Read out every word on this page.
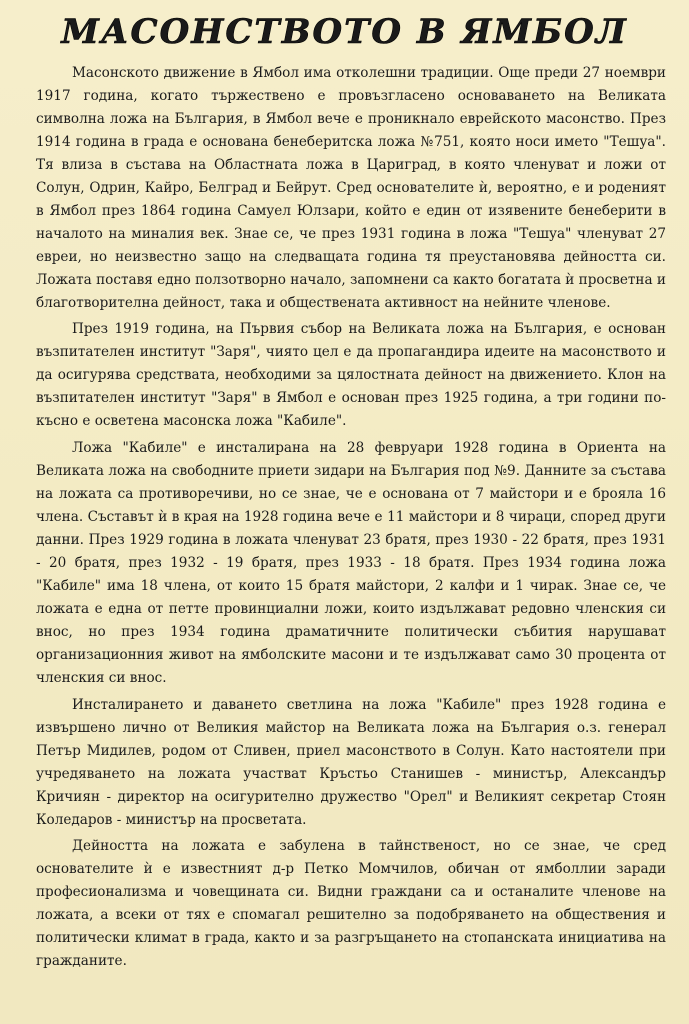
МАСОНСТВОТО В ЯМБОЛ

Масонското движение в Ямбол има отколешни традиции. Още преди 27 ноември 1917 година, когато тържествено е провъзгласено основаването на Великата символна ложа на България, в Ямбол вече е проникнало еврейското масонство. През 1914 година в града е основана бенеберитска ложа №751, която носи името "Тешуа". Тя влиза в състава на Областната ложа в Цариград, в която членуват и ложи от Солун, Одрин, Кайро, Белград и Бейрут. Сред основателите ѝ, вероятно, е и роденият в Ямбол през 1864 година Самуел Юлзари, който е един от изявените бенеберити в началото на миналия век. Знае се, че през 1931 година в ложа "Тешуа" членуват 27 евреи, но неизвестно защо на следващата година тя преустановява дейността си. Ложата поставя едно ползотворно начало, запомнени са както богатата ѝ просветна и благотворителна дейност, така и обществената активност на нейните членове.

През 1919 година, на Първия събор на Великата ложа на България, е основан възпитателен институт "Заря", чиято цел е да пропагандира идеите на масонството и да осигурява средствата, необходими за цялостната дейност на движението. Клон на възпитателен институт "Заря" в Ямбол е основан през 1925 година, а три години по-късно е осветена масонска ложа "Кабиле".

Ложа "Кабиле" е инсталирана на 28 февруари 1928 година в Ориента на Великата ложа на свободните приети зидари на България под №9. Данните за състава на ложата са противоречиви, но се знае, че е основана от 7 майстори и е брояла 16 члена. Съставът ѝ в края на 1928 година вече е 11 майстори и 8 чираци, според други данни. През 1929 година в ложата членуват 23 братя, през 1930 - 22 братя, през 1931 - 20 братя, през 1932 - 19 братя, през 1933 - 18 братя. През 1934 година ложа "Кабиле" има 18 члена, от които 15 братя майстори, 2 калфи и 1 чирак. Знае се, че ложата е една от петте провинциални ложи, които издължават редовно членския си внос, но през 1934 година драматичните политически събития нарушават организационния живот на ямболските масони и те издължават само 30 процента от членския си внос.

Инсталирането и даването светлина на ложа "Кабиле" през 1928 година е извършено лично от Великия майстор на Великата ложа на България о.з. генерал Петър Мидилев, родом от Сливен, приел масонството в Солун. Като настоятели при учредяването на ложата участват Кръстьо Станишев - министър, Александър Кричиян - директор на осигурително дружество "Орел" и Великият секретар Стоян Коледаров - министър на просветата.

Дейността на ложата е забулена в тайнственост, но се знае, че сред основателите ѝ е известният д-р Петко Момчилов, обичан от ямболлии заради професионализма и човещината си. Видни граждани са и останалите членове на ложата, а всеки от тях е спомагал решително за подобряването на обществения и политически климат в града, както и за разгръщането на стопанската инициатива на гражданите.
